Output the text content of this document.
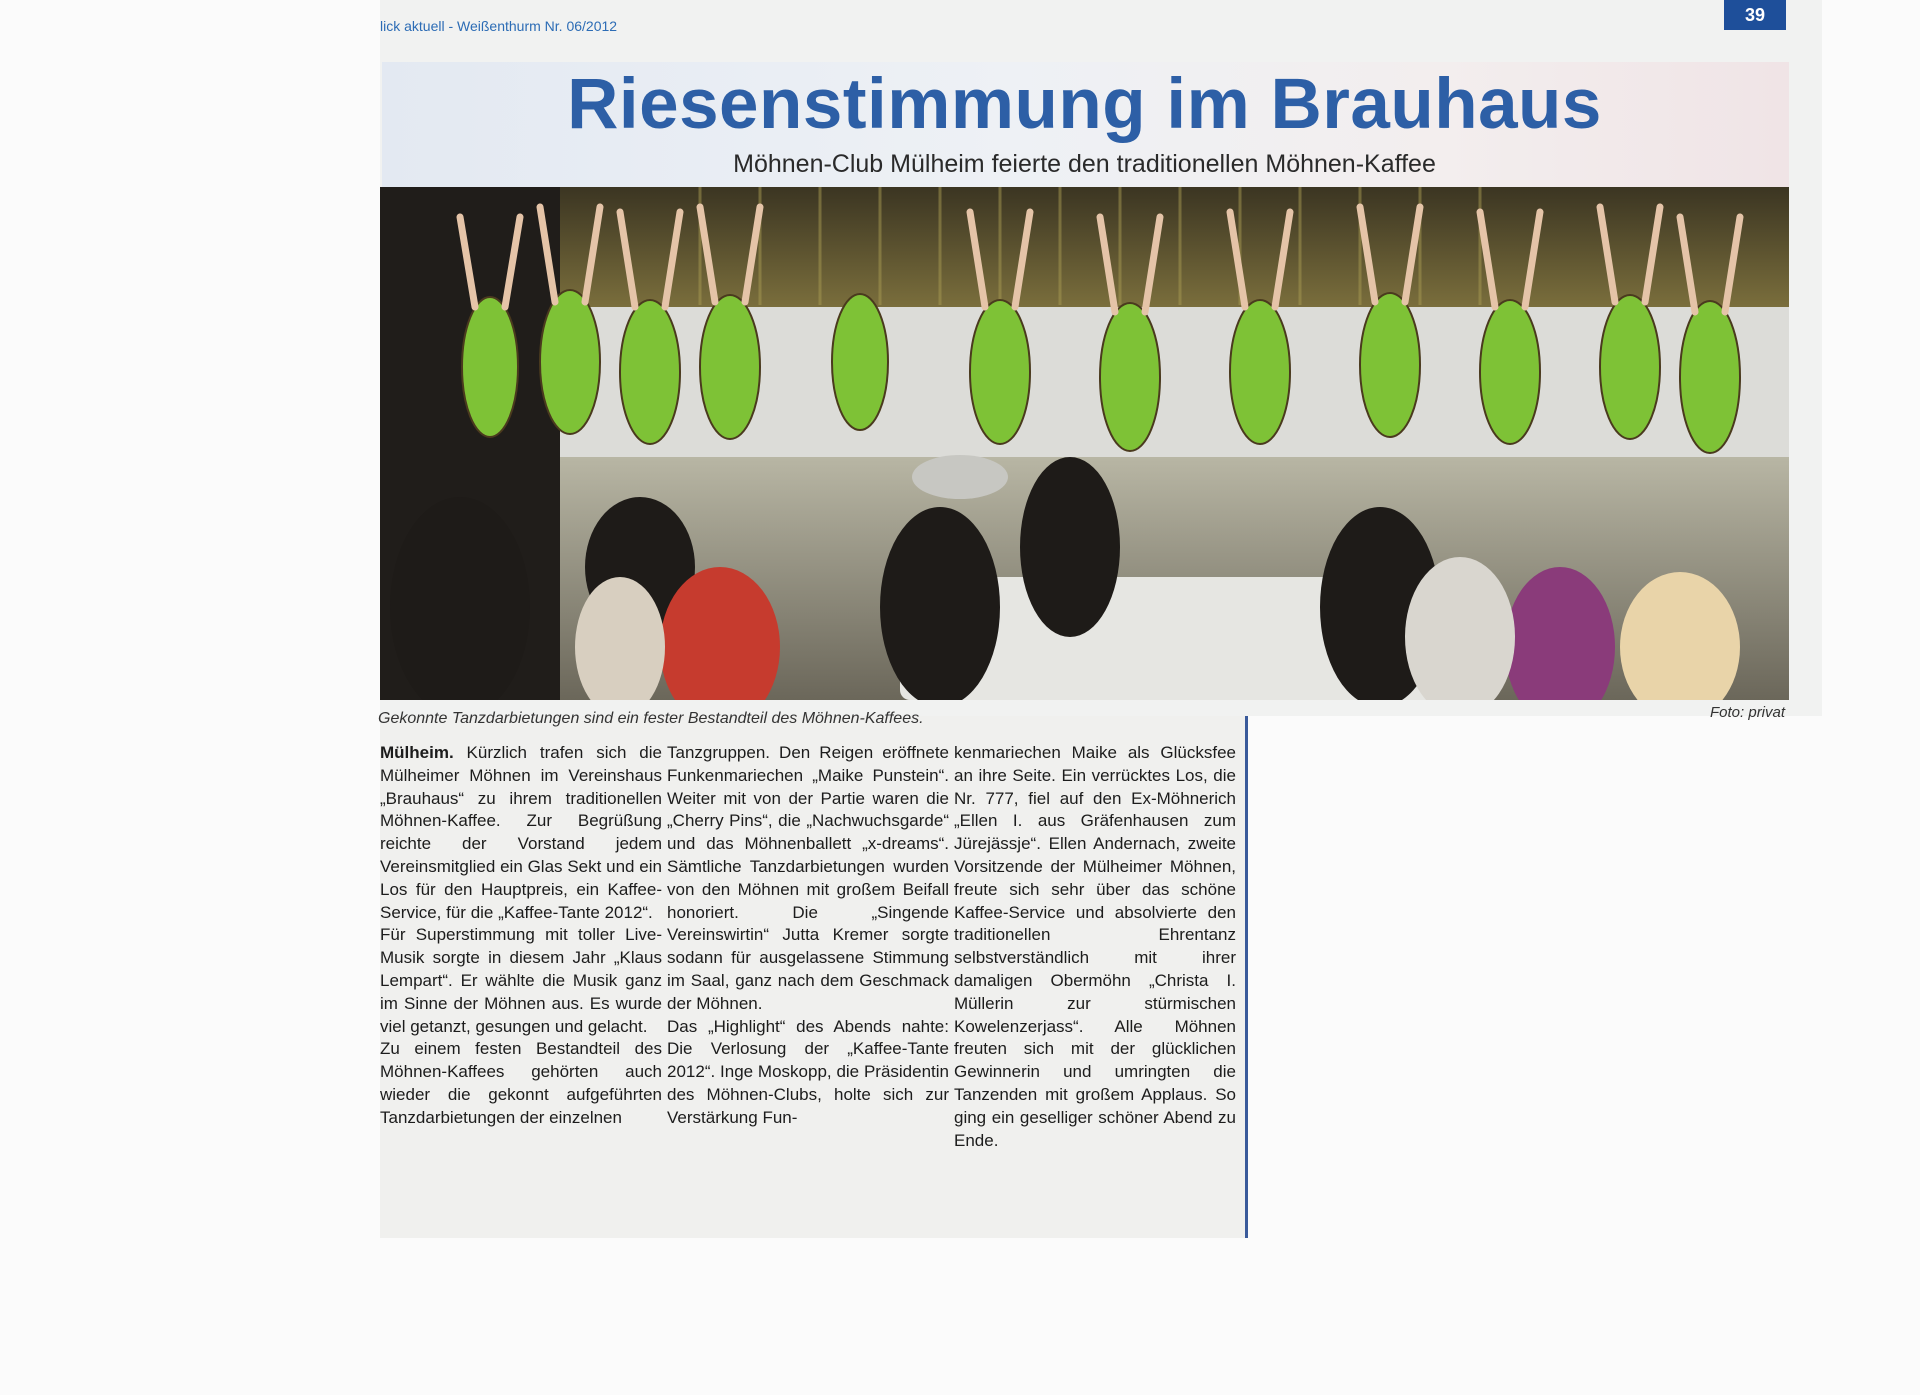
lick aktuell - Weißenthurm Nr. 06/2012
39
Riesenstimmung im Brauhaus
Möhnen-Club Mülheim feierte den traditionellen Möhnen-Kaffee
Gekonnte Tanzdarbietungen sind ein fester Bestandteil des Möhnen-Kaffees.	Foto: privat

Mülheim. Kürzlich trafen sich die Mülheimer Möhnen im Vereinshaus „Brauhaus“ zu ihrem traditionellen Möhnen-Kaffee. Zur Begrüßung reichte der Vorstand jedem Vereinsmitglied ein Glas Sekt und ein Los für den Hauptpreis, ein Kaffee-Service, für die „Kaffee-Tante 2012“.

Für Superstimmung mit toller Live-Musik sorgte in diesem Jahr „Klaus Lempart“. Er wählte die Musik ganz im Sinne der Möhnen aus. Es wurde viel getanzt, gesungen und gelacht.

Zu einem festen Bestandteil des Möhnen-Kaffees gehörten auch wieder die gekonnt aufgeführten Tanzdarbietungen der einzelnen

Tanzgruppen. Den Reigen eröffnete Funkenmariechen „Maike Punstein“. Weiter mit von der Partie waren die „Cherry Pins“, die „Nachwuchsgarde“ und das Möhnenballett „x-dreams“. Sämtliche Tanzdarbietungen wurden von den Möhnen mit großem Beifall honoriert. Die „Singende Vereinswirtin“ Jutta Kremer sorgte sodann für ausgelassene Stimmung im Saal, ganz nach dem Geschmack der Möhnen.

Das „Highlight“ des Abends nahte: Die Verlosung der „Kaffee-Tante 2012“. Inge Moskopp, die Präsidentin des Möhnen-Clubs, holte sich zur Verstärkung Fun-

kenmariechen Maike als Glücksfee an ihre Seite. Ein verrücktes Los, die Nr. 777, fiel auf den Ex-Möhnerich „Ellen I. aus Gräfenhausen zum Jürejässje“. Ellen Andernach, zweite Vorsitzende der Mülheimer Möhnen, freute sich sehr über das schöne Kaffee-Service und absolvierte den traditionellen Ehrentanz selbstverständlich mit ihrer damaligen Obermöhn „Christa I. Müllerin zur stürmischen Kowelenzerjass“. Alle Möhnen freuten sich mit der glücklichen Gewinnerin und umringten die Tanzenden mit großem Applaus. So ging ein geselliger schöner Abend zu Ende.
